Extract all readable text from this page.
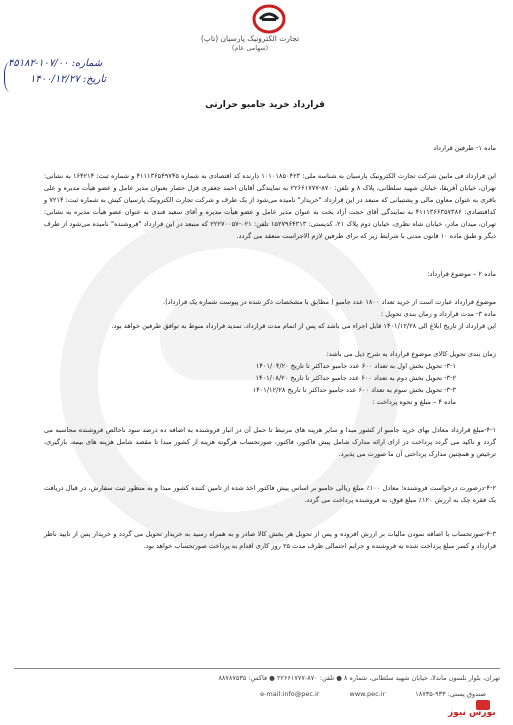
تجارت الکترونیک پارسیان (تاپ)
(سهامی عام)
شماره: ۱۰۷/۰۰-۴۵۱۸۲
تاریخ: ۱۴۰۰/۱۲/۲۷
قرارداد خرید جامبو حرارتی

ماده ۱- طرفین قرارداد

این قرارداد فی مابین شرکت تجارت الکترونیک پارسیان به شناسه ملی: ۱۰۱۰۱۸۵۰۴۲۳ دارنده کد اقتصادی به شماره ۴۱۱۱۳۶۵۴۹۷۴۵ و شماره ثبت: ۱۶۴۲۱۴ به نشانی: تهران، خیابان آفریقا، خیابان شهید سلطانی، پلاک ۸ و تلفن: ۸۷۰-۲۲۶۶۱۷۷۷ به نمایندگی آقایان احمد جعفری قزل حصار بعنوان مدیر عامل و عضو هیأت مدیره و علی باقری به عنوان معاون مالی و پشتیبانی که منبعد در این قرارداد "خریدار" نامیده می‌شود از یک طرف و شرکت تجارت الکترونیک پارسیان کیش به شماره ثبت: ۷۲۱۴ و کداقتصادی: ۴۱۱۱۳۶۶۳۵۷۳۸۶ به نمایندگی آقای حجت آزاد بخت به عنوان مدیر عامل و عضو هیأت مدیره و آقای سعید قندی به عنوان عضو هیأت مدیره به نشانی: تهران، میدان مادر، خیابان شاه نظری، خیابان دوم پلاک ۲۱، کدپستی: ۱۵۲۷۹۶۴۳۱۳ تلفن: ۰۲۱-۲۲۲۷۰۰۵۷ که منبعد در این قرارداد "فروشنده" نامیده می‌شود از طرف دیگر و طبق ماده ۱۰ قانون مدنی با شرایط زیر که برای طرفین لازم الاجراست منعقد می گردد.

ماده ۲ – موضوع قرارداد:

موضوع قرارداد عبارت است از خرید تعداد ۱۸۰۰ عدد جامبو ( مطابق با مشخصات ذکر شده در پیوست شماره یک قرارداد).

ماده ۳- مدت قرارداد و زمان بندی تحویل :

این قرارداد از تاریخ ابلاغ الی ۱۴۰۱/۱۲/۲۸ قابل اجراء می باشد که پس از اتمام مدت قرارداد، تمدید قرارداد منوط به توافق طرفین خواهد بود.

زمان بندی تحویل کالای موضوع قرارداد به شرح ذیل می باشد:

۳-۱- تحویل بخش اول به تعداد ۶۰۰ عدد جامبو حداکثر تا تاریخ ۱۴۰۱/۰۴/۲۰

۳-۲- تحویل بخش دوم به تعداد ۶۰۰ عدد جامبو حداکثر تا تاریخ ۱۴۰۱/۰۸/۲۰

۳-۳- تحویل بخش سوم به تعداد ۶۰۰ عدد جامبو حداکثر تا تاریخ ۱۴۰۱/۱۲/۲۸

ماده ۴ – مبلغ و نحوه پرداخت :

۴-۱-مبلغ قرارداد معادل بهای خرید جامبو از کشور مبدا و سایر هزینه های مرتبط تا حمل آن در انبار فروشنده به اضافه ده درصد سود ناخالص فروشنده محاسبه می گردد و تاکید می گردد پرداخت در ازای ارائه مدارک شامل پیش فاکتور، فاکتور، صورتحساب هرگونه هزینه از کشور مبدا تا مقصد شامل هزینه های بیمه، بارگیری، ترخیص و همچنین مدارک پرداختی آن ما صورت می پذیرد.

۴-۲-درصورت درخواست فروشنده؛ معادل ۱۰۰٪ مبلغ ریالی جامبو بر اساس پیش فاکتور اخذ شده از تامین کننده کشور مبدا و به منظور ثبت سفارش، در قبال دریافت یک فقره چک به ارزش ۱۲۰٪ مبلغ فوق، به فروشنده پرداخت می گردد.

۴-۳-صورتحساب با اضافه نمودن مالیات بر ارزش افزوده و پس از تحویل هر بخش کالا صادر و به همراه رسید به خریدار تحویل می گردد و خریدار پس از تایید ناظر قرارداد و کسر مبلغ پرداخت شده به فروشنده و جرایم احتمالی ظرف مدت ۲۵ روز کاری اقدام به پرداخت صورتحساب خواهد بود.

تهران، بلوار نلسون ماندلا، خیابان شهید سلطانی، شماره ۸ ● تلفن: ۸۷۰-۲۲۶۶۱۷۷۷ ● فاکس: ۸۸۷۸۷۵۳۵
صندوق پستی: ۹۳۳-۱۸۷۳۵ e-mail:info@pec.ir	www.pec.ir
بورس نیوز
